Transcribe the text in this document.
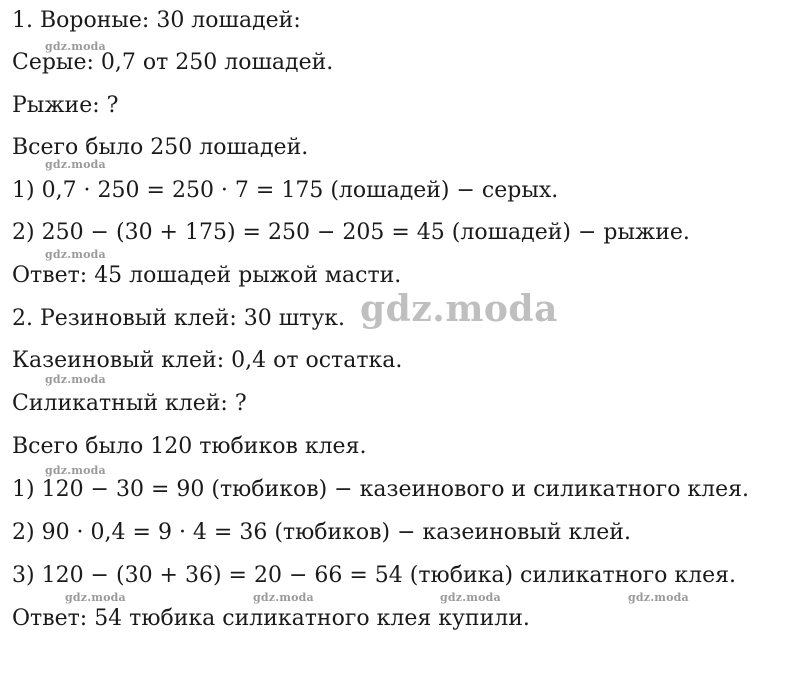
1. Вороные: 30 лошадей:
Серые: 0,7 от 250 лошадей.
Рыжие: ?
Всего было 250 лошадей.
1) 0,7 · 250 = 250 · 7 = 175 (лошадей) − серых.
2) 250 − (30 + 175) = 250 − 205 = 45 (лошадей) − рыжие.
Ответ: 45 лошадей рыжой масти.
2. Резиновый клей: 30 штук.
Казеиновый клей: 0,4 от остатка.
Силикатный клей: ?
Всего было 120 тюбиков клея.
1) 120 − 30 = 90 (тюбиков) − казеинового и силикатного клея.
2) 90 · 0,4 = 9 · 4 = 36 (тюбиков) − казеиновый клей.
3) 120 − (30 + 36) = 20 − 66 = 54 (тюбика) силикатного клея.
Ответ: 54 тюбика силикатного клея купили.
gdz.moda
gdz.moda
gdz.moda
gdz.moda
gdz.moda
gdz.moda	gdz.moda	gdz.moda	gdz.moda
gdz.moda
